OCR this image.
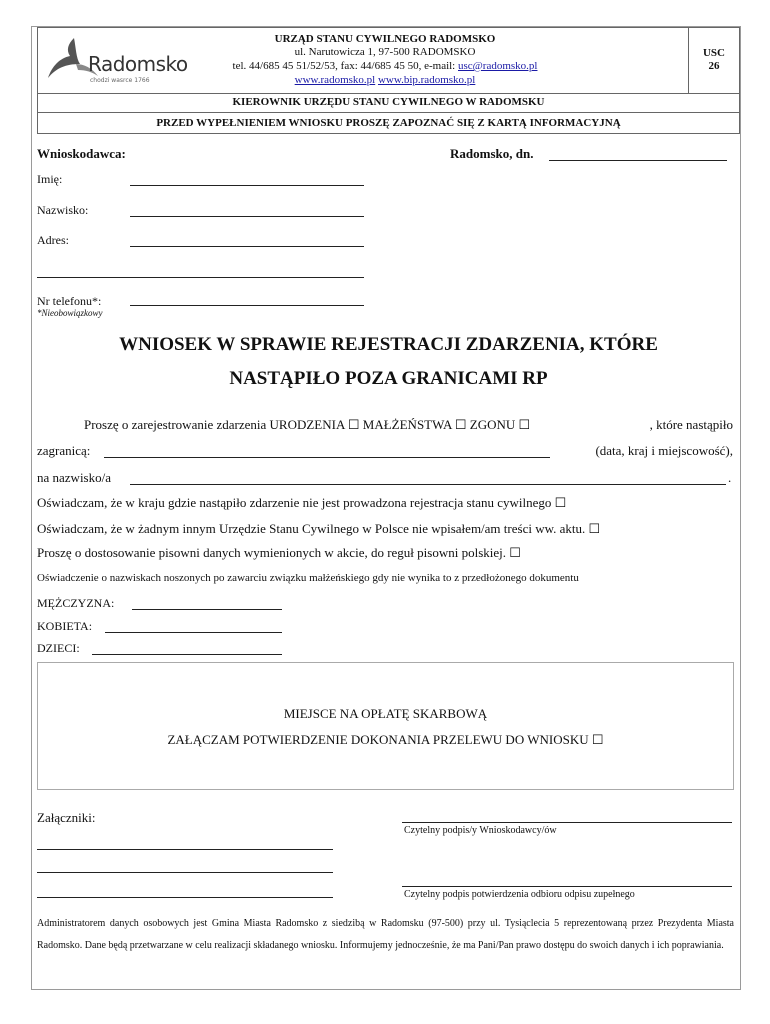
Radomsko
chodzi wasrce 1766
URZĄD STANU CYWILNEGO RADOMSKO
ul. Narutowicza 1, 97-500 RADOMSKO
tel. 44/685 45 51/52/53, fax: 44/685 45 50, e-mail: usc@radomsko.pl
www.radomsko.pl www.bip.radomsko.pl
USC
26
KIEROWNIK URZĘDU STANU CYWILNEGO W RADOMSKU
PRZED WYPEŁNIENIEM WNIOSKU PROSZĘ ZAPOZNAĆ SIĘ Z KARTĄ INFORMACYJNĄ
Wnioskodawca:	Radomsko, dn.
Imię:
Nazwisko:
Adres:
Nr telefonu*:
*Nieobowiązkowy
WNIOSEK W SPRAWIE REJESTRACJI ZDARZENIA, KTÓRE
NASTĄPIŁO POZA GRANICAMI RP
Proszę o zarejestrowanie zdarzenia URODZENIA ☐ MAŁŻEŃSTWA ☐ ZGONU ☐	, które nastąpiło
zagranicą:	(data, kraj i miejscowość),
na nazwisko/a	.
Oświadczam, że w kraju gdzie nastąpiło zdarzenie nie jest prowadzona rejestracja stanu cywilnego ☐
Oświadczam, że w żadnym innym Urzędzie Stanu Cywilnego w Polsce nie wpisałem/am treści ww. aktu. ☐
Proszę o dostosowanie pisowni danych wymienionych w akcie, do reguł pisowni polskiej. ☐
Oświadczenie o nazwiskach noszonych po zawarciu związku małżeńskiego gdy nie wynika to z przedłożonego dokumentu
MĘŻCZYZNA:
KOBIETA:
DZIECI:
MIEJSCE NA OPŁATĘ SKARBOWĄ
ZAŁĄCZAM POTWIERDZENIE DOKONANIA PRZELEWU DO WNIOSKU ☐
Załączniki:
Czytelny podpis/y Wnioskodawcy/ów
Czytelny podpis potwierdzenia odbioru odpisu zupełnego
Administratorem danych osobowych jest Gmina Miasta Radomsko z siedzibą w Radomsku (97-500) przy ul. Tysiąclecia 5 reprezentowaną przez Prezydenta Miasta Radomsko. Dane będą przetwarzane w celu realizacji składanego wniosku. Informujemy jednocześnie, że ma Pani/Pan prawo dostępu do swoich danych i ich poprawiania.
